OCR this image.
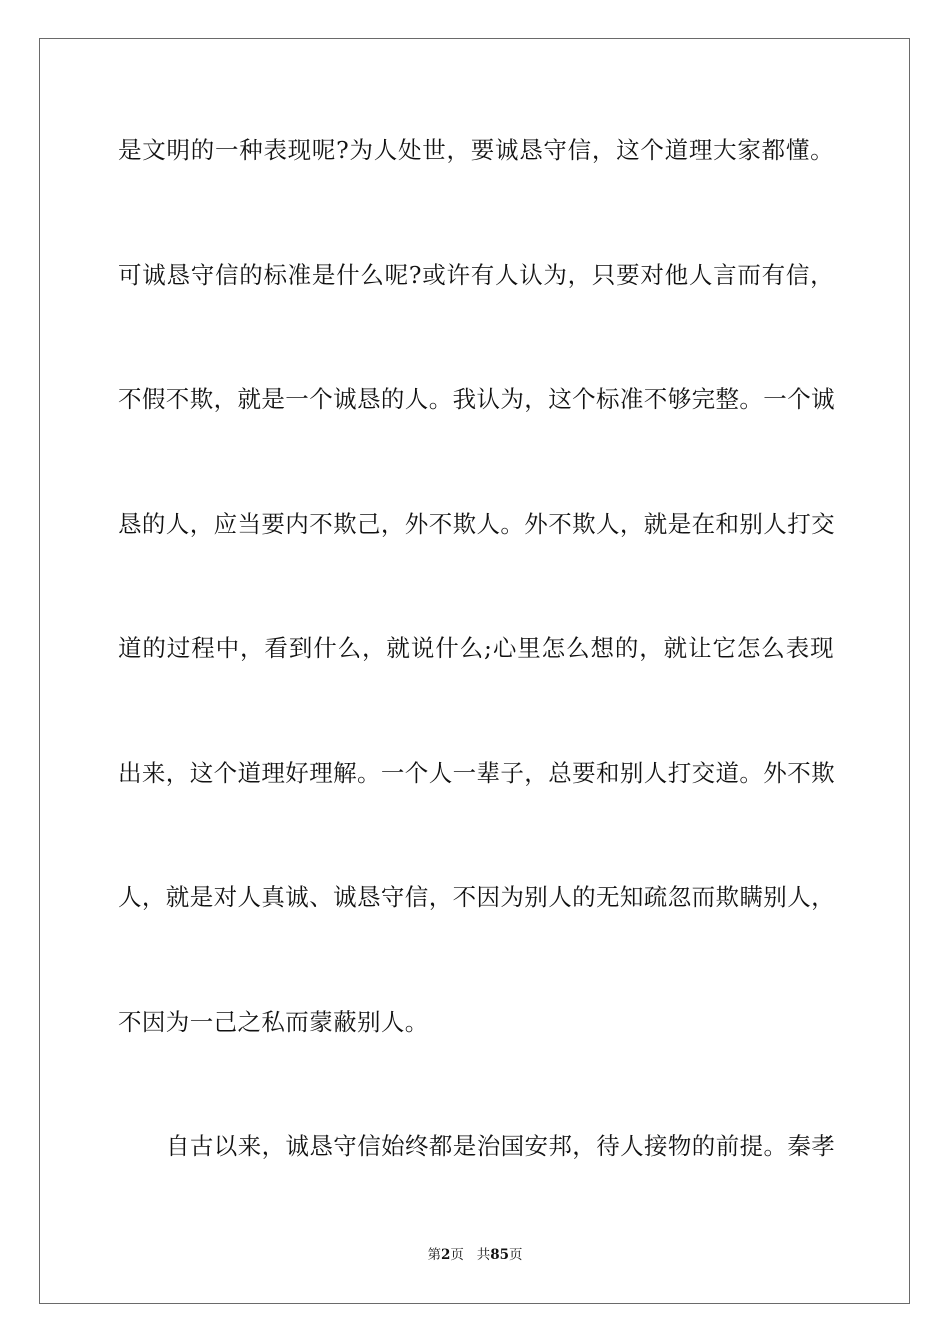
是文明的一种表现呢?为人处世，要诚恳守信，这个道理大家都懂。
可诚恳守信的标准是什么呢?或许有人认为，只要对他人言而有信，
不假不欺，就是一个诚恳的人。我认为，这个标准不够完整。一个诚
恳的人，应当要内不欺己，外不欺人。外不欺人，就是在和别人打交
道的过程中，看到什么，就说什么;心里怎么想的，就让它怎么表现
出来，这个道理好理解。一个人一辈子，总要和别人打交道。外不欺
人，就是对人真诚、诚恳守信，不因为别人的无知疏忽而欺瞒别人，
不因为一己之私而蒙蔽别人。
自古以来，诚恳守信始终都是治国安邦，待人接物的前提。秦孝
第2页 共85页
